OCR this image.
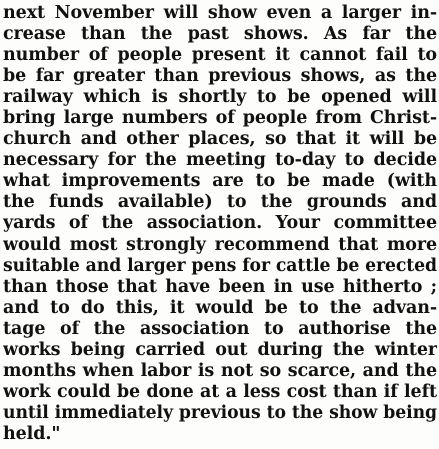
next November will show even a larger in-
crease than the past shows. As far the
number of people present it cannot fail to
be far greater than previous shows, as the
railway which is shortly to be opened will
bring large numbers of people from Christ-
church and other places, so that it will be
necessary for the meeting to-day to decide
what improvements are to be made (with
the funds available) to the grounds and
yards of the association. Your committee
would most strongly recommend that more
suitable and larger pens for cattle be erected
than those that have been in use hitherto ;
and to do this, it would be to the advan-
tage of the association to authorise the
works being carried out during the winter
months when labor is not so scarce, and the
work could be done at a less cost than if left
until immediately previous to the show being
held."
